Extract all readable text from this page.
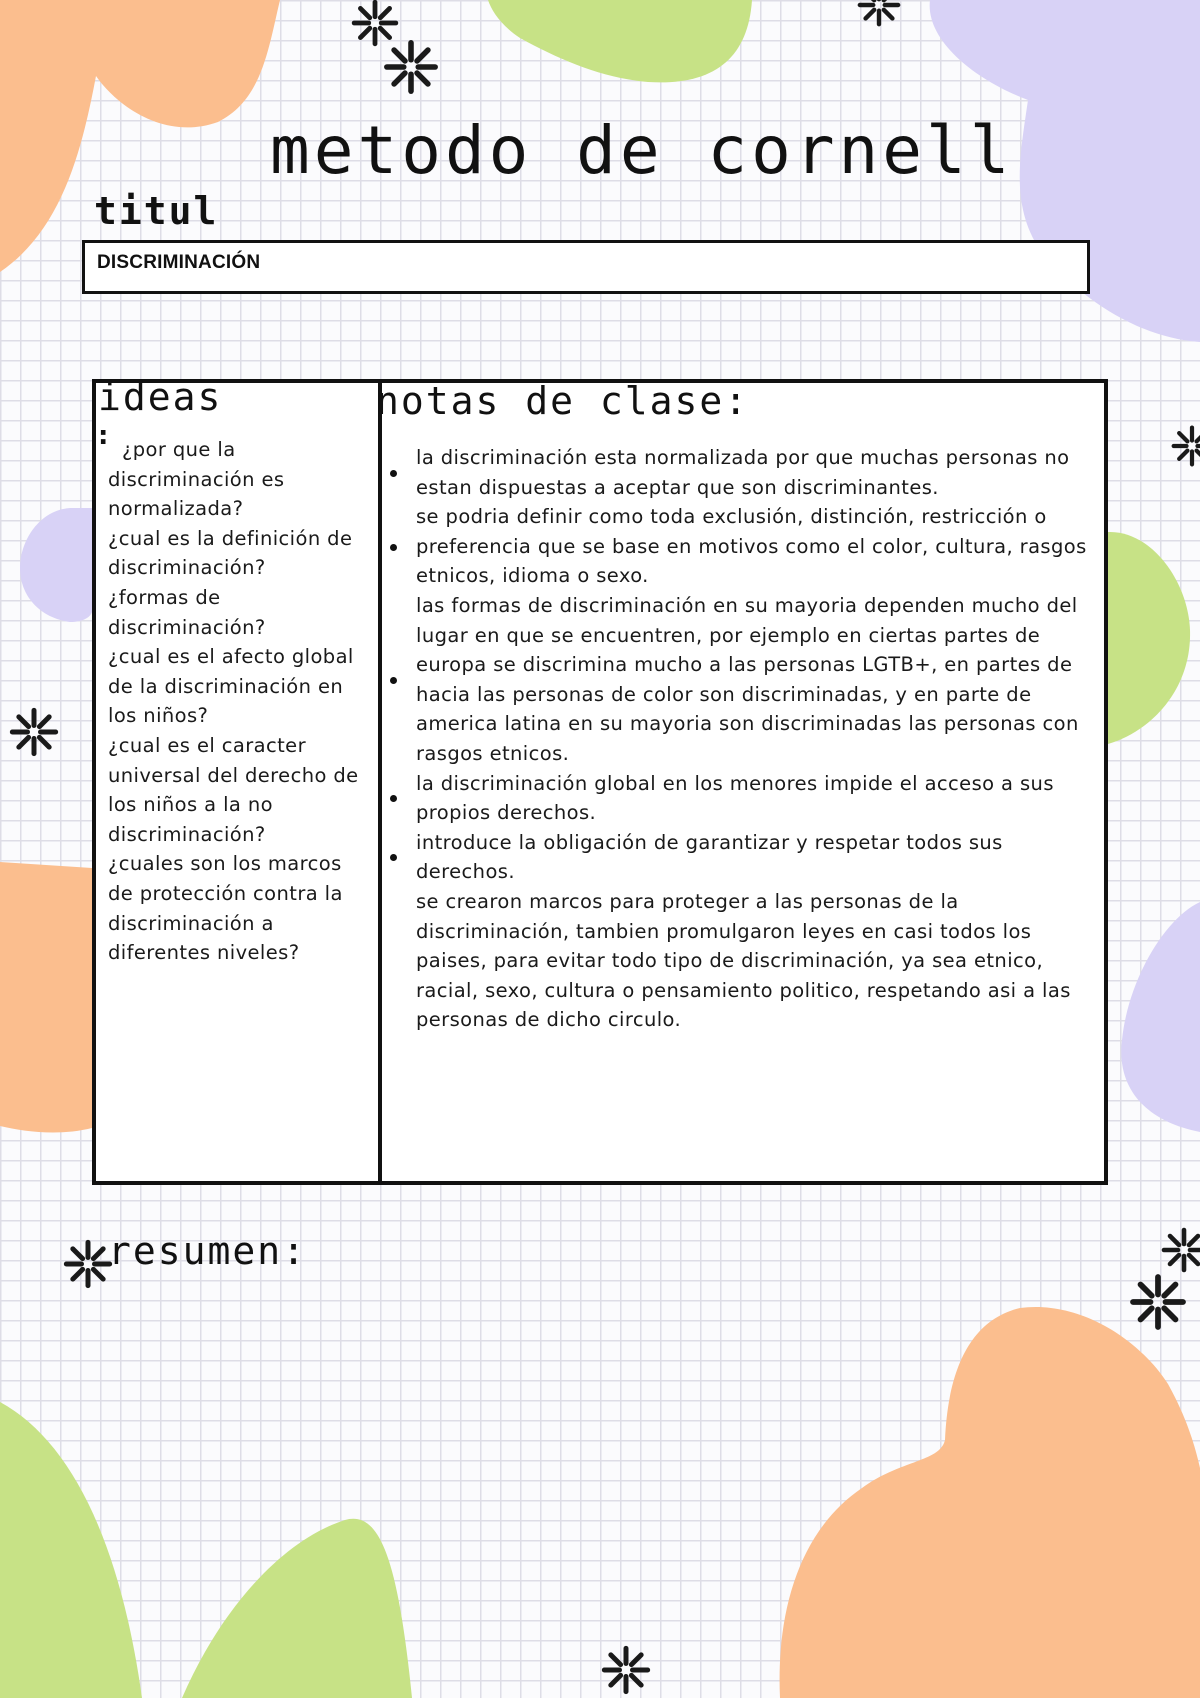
metodo de cornell
titul
DISCRIMINACIÓN
ideas
: ¿por que la discriminación es normalizada?
¿cual es la definición de discriminación?
¿formas de discriminación?
¿cual es el afecto global de la discriminación en los niños?
¿cual es el caracter universal del derecho de los niños a la no discriminación?
¿cuales son los marcos de protección contra la discriminación a diferentes niveles?
notas de clase:
la discriminación esta normalizada por que muchas personas no estan dispuestas a aceptar que son discriminantes.
se podria definir como toda exclusión, distinción, restricción o preferencia que se base en motivos como el color, cultura, rasgos etnicos, idioma o sexo.
las formas de discriminación en su mayoria dependen mucho del lugar en que se encuentren, por ejemplo en ciertas partes de europa se discrimina mucho a las personas LGTB+, en partes de hacia las personas de color son discriminadas, y en parte de america latina en su mayoria son discriminadas las personas con rasgos etnicos.
la discriminación global en los menores impide el acceso a sus propios derechos.
introduce la obligación de garantizar y respetar todos sus derechos.
se crearon marcos para proteger a las personas de la discriminación, tambien promulgaron leyes en casi todos los paises, para evitar todo tipo de discriminación, ya sea etnico, racial, sexo, cultura o pensamiento politico, respetando asi a las personas de dicho circulo.
resumen:
